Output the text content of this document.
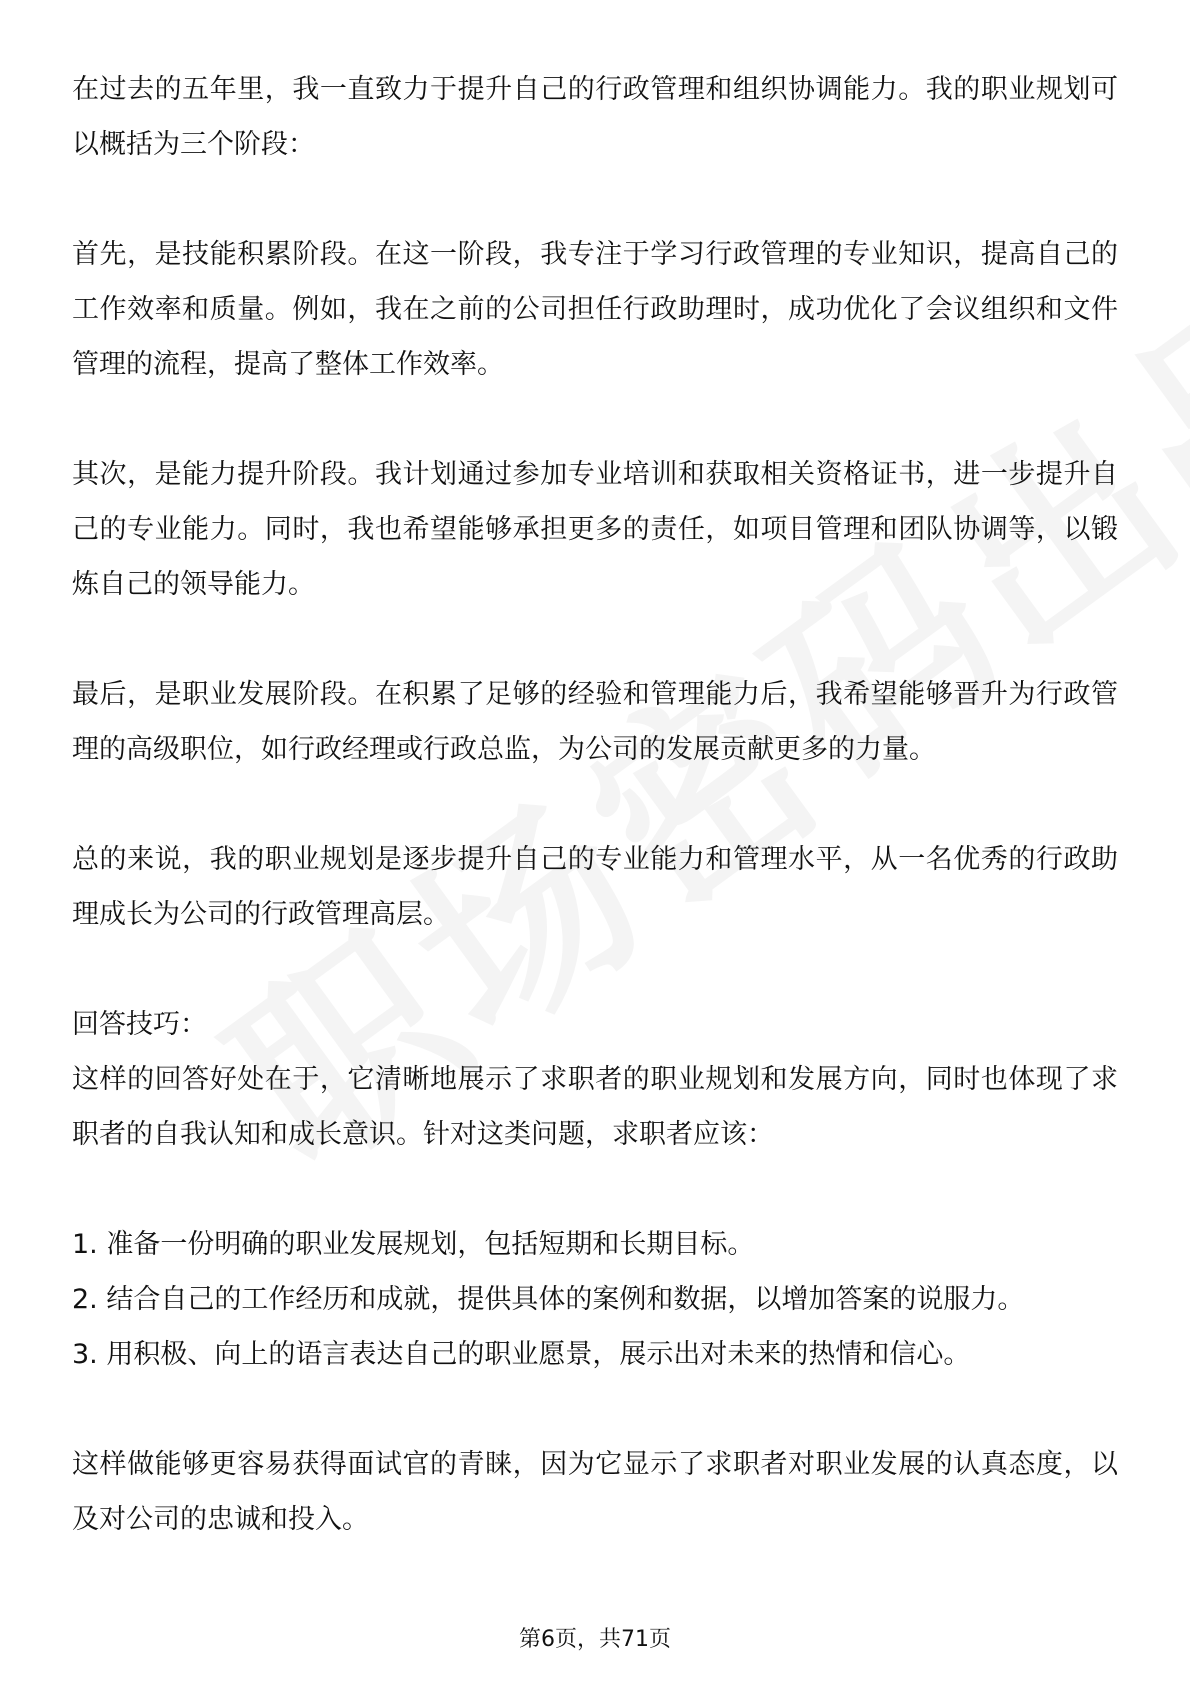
在过去的五年里，我一直致力于提升自己的行政管理和组织协调能力。我的职业规划可以概括为三个阶段：

首先，是技能积累阶段。在这一阶段，我专注于学习行政管理的专业知识，提高自己的工作效率和质量。例如，我在之前的公司担任行政助理时，成功优化了会议组织和文件管理的流程，提高了整体工作效率。

其次，是能力提升阶段。我计划通过参加专业培训和获取相关资格证书，进一步提升自己的专业能力。同时，我也希望能够承担更多的责任，如项目管理和团队协调等，以锻炼自己的领导能力。

最后，是职业发展阶段。在积累了足够的经验和管理能力后，我希望能够晋升为行政管理的高级职位，如行政经理或行政总监，为公司的发展贡献更多的力量。

总的来说，我的职业规划是逐步提升自己的专业能力和管理水平，从一名优秀的行政助理成长为公司的行政管理高层。

回答技巧：

这样的回答好处在于，它清晰地展示了求职者的职业规划和发展方向，同时也体现了求职者的自我认知和成长意识。针对这类问题，求职者应该：

1. 准备一份明确的职业发展规划，包括短期和长期目标。
2. 结合自己的工作经历和成就，提供具体的案例和数据，以增加答案的说服力。
3. 用积极、向上的语言表达自己的职业愿景，展示出对未来的热情和信心。

这样做能够更容易获得面试官的青睐，因为它显示了求职者对职业发展的认真态度，以及对公司的忠诚和投入。

第6页，共71页
